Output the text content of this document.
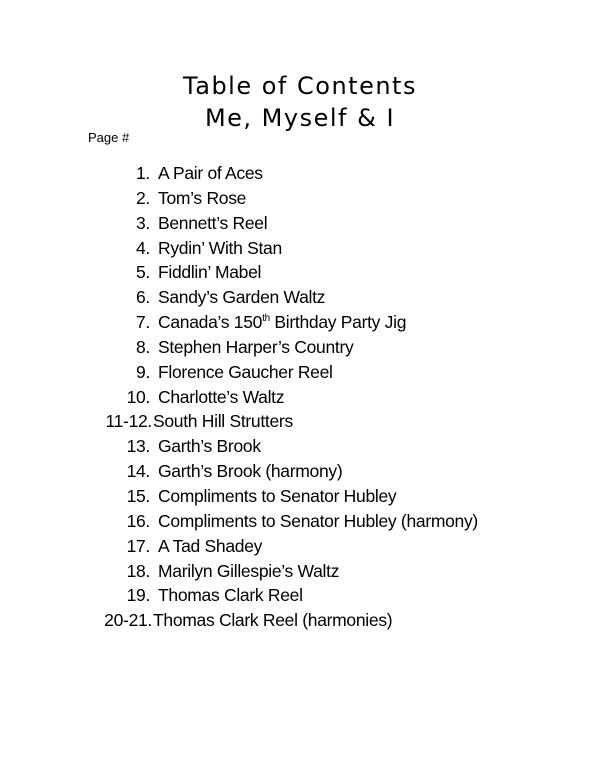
Table of Contents
Me, Myself & I
Page #
1. A Pair of Aces
2. Tom’s Rose
3. Bennett’s Reel
4. Rydin’ With Stan
5. Fiddlin’ Mabel
6. Sandy’s Garden Waltz
7. Canada’s 150th Birthday Party Jig
8. Stephen Harper’s Country
9. Florence Gaucher Reel
10. Charlotte’s Waltz
11-12. South Hill Strutters
13. Garth’s Brook
14. Garth’s Brook (harmony)
15. Compliments to Senator Hubley
16. Compliments to Senator Hubley (harmony)
17. A Tad Shadey
18. Marilyn Gillespie’s Waltz
19. Thomas Clark Reel
20-21. Thomas Clark Reel (harmonies)
